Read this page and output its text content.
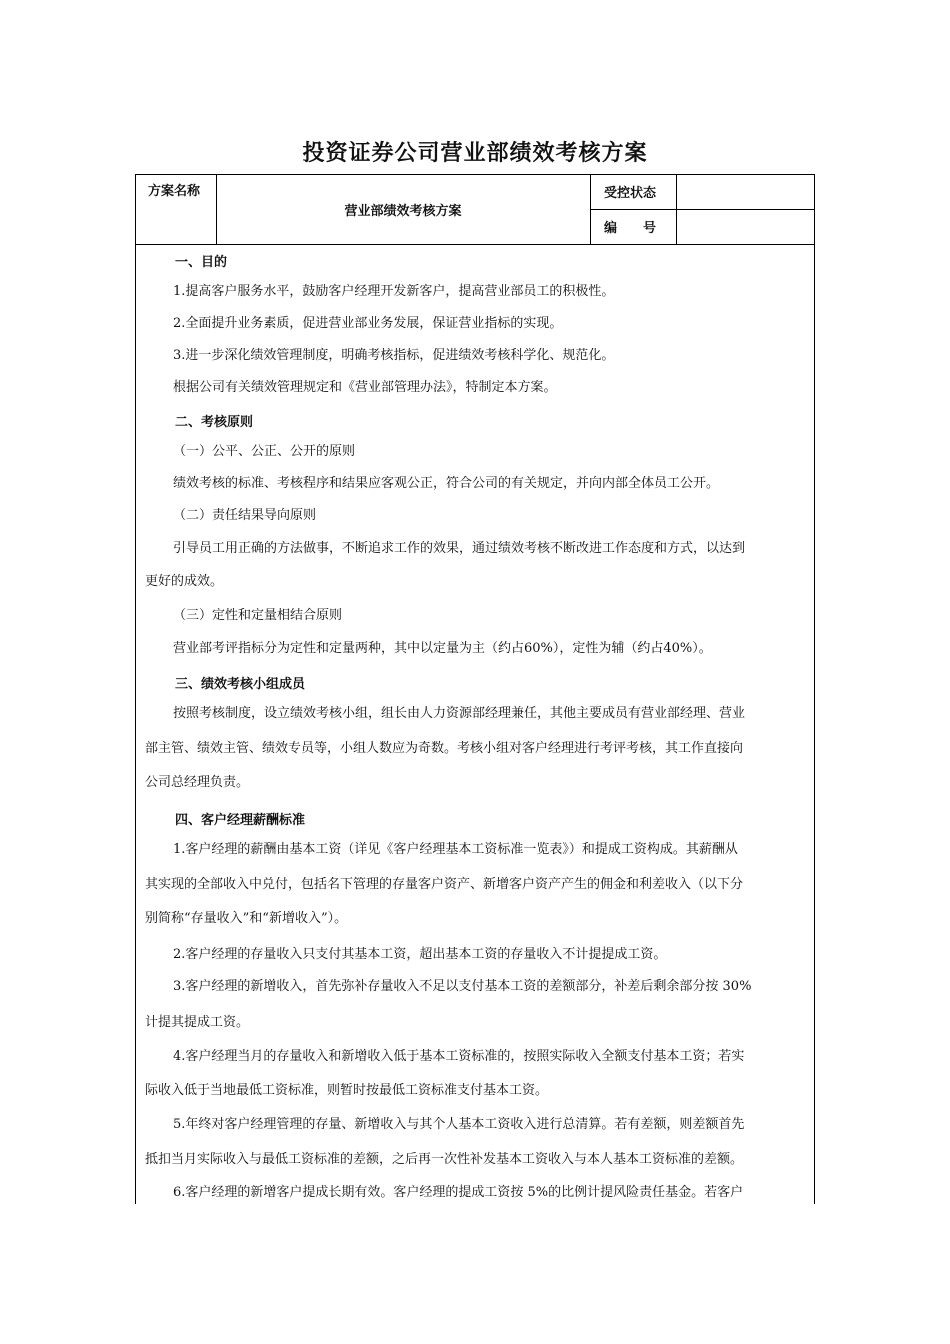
投资证券公司营业部绩效考核方案
方案名称
营业部绩效考核方案
受控状态
编　　号
一、目的
1.提高客户服务水平，鼓励客户经理开发新客户，提高营业部员工的积极性。
2.全面提升业务素质，促进营业部业务发展，保证营业指标的实现。
3.进一步深化绩效管理制度，明确考核指标，促进绩效考核科学化、规范化。
根据公司有关绩效管理规定和《营业部管理办法》，特制定本方案。
二、考核原则
（一）公平、公正、公开的原则
绩效考核的标准、考核程序和结果应客观公正，符合公司的有关规定，并向内部全体员工公开。
（二）责任结果导向原则
引导员工用正确的方法做事，不断追求工作的效果，通过绩效考核不断改进工作态度和方式，以达到
更好的成效。
（三）定性和定量相结合原则
营业部考评指标分为定性和定量两种，其中以定量为主（约占60%），定性为辅（约占40%）。
三、绩效考核小组成员
按照考核制度，设立绩效考核小组，组长由人力资源部经理兼任，其他主要成员有营业部经理、营业
部主管、绩效主管、绩效专员等，小组人数应为奇数。考核小组对客户经理进行考评考核，其工作直接向
公司总经理负责。
四、客户经理薪酬标准
1.客户经理的薪酬由基本工资（详见《客户经理基本工资标准一览表》）和提成工资构成。其薪酬从
其实现的全部收入中兑付，包括名下管理的存量客户资产、新增客户资产产生的佣金和利差收入（以下分
别简称“存量收入”和“新增收入”）。
2.客户经理的存量收入只支付其基本工资，超出基本工资的存量收入不计提提成工资。
3.客户经理的新增收入，首先弥补存量收入不足以支付基本工资的差额部分，补差后剩余部分按 30%
计提其提成工资。
4.客户经理当月的存量收入和新增收入低于基本工资标准的，按照实际收入全额支付基本工资；若实
际收入低于当地最低工资标准，则暂时按最低工资标准支付基本工资。
5.年终对客户经理管理的存量、新增收入与其个人基本工资收入进行总清算。若有差额，则差额首先
抵扣当月实际收入与最低工资标准的差额，之后再一次性补发基本工资收入与本人基本工资标准的差额。
6.客户经理的新增客户提成长期有效。客户经理的提成工资按 5%的比例计提风险责任基金。若客户
